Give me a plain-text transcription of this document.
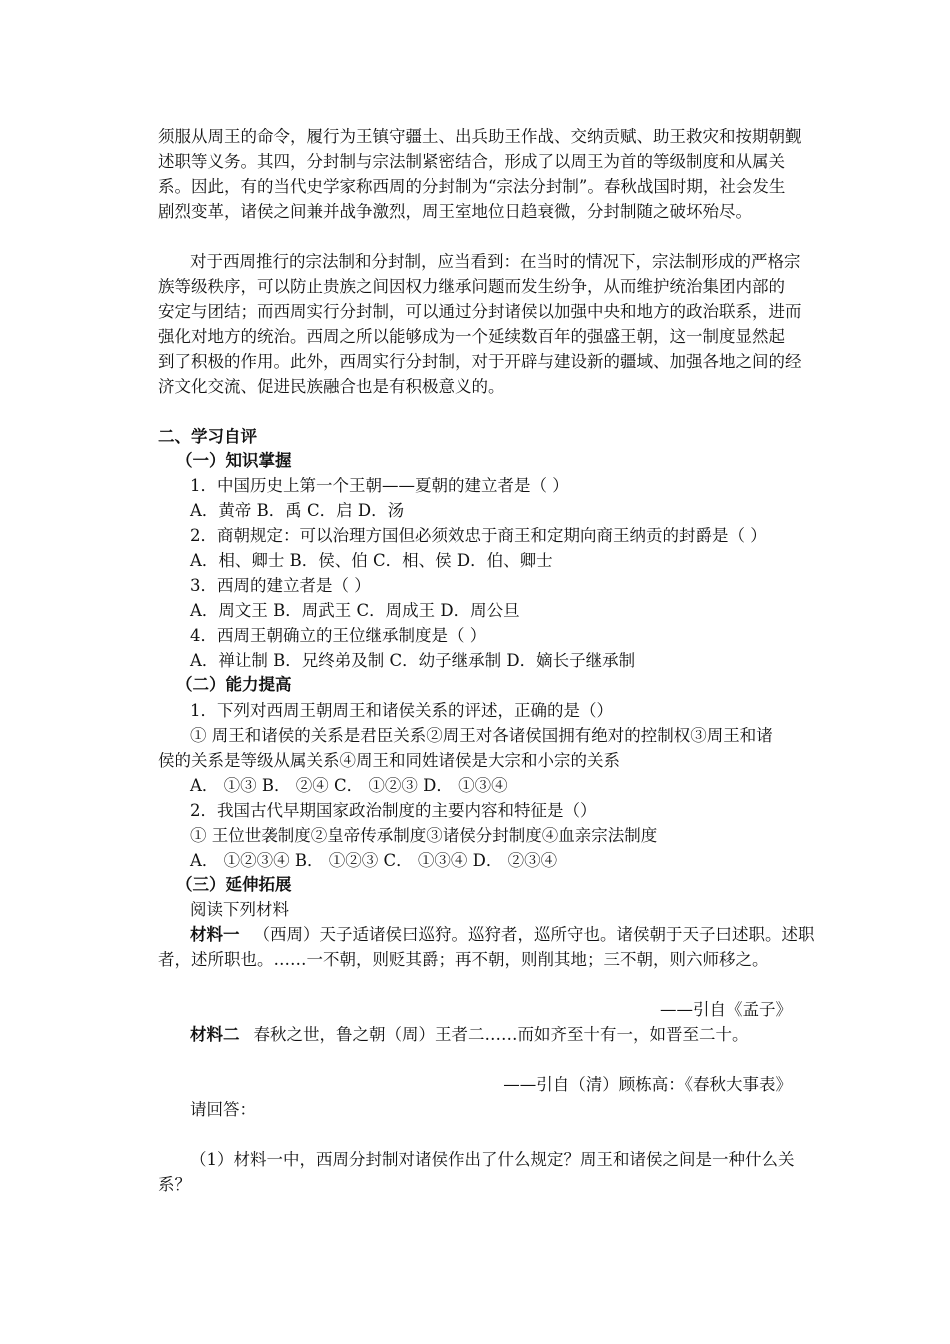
须服从周王的命令，履行为王镇守疆土、出兵助王作战、交纳贡赋、助王救灾和按期朝觐
述职等义务。其四，分封制与宗法制紧密结合，形成了以周王为首的等级制度和从属关
系。因此，有的当代史学家称西周的分封制为“宗法分封制”。春秋战国时期，社会发生
剧烈变革，诸侯之间兼并战争激烈，周王室地位日趋衰微，分封制随之破坏殆尽。
对于西周推行的宗法制和分封制，应当看到：在当时的情况下，宗法制形成的严格宗
族等级秩序，可以防止贵族之间因权力继承问题而发生纷争，从而维护统治集团内部的
安定与团结；而西周实行分封制，可以通过分封诸侯以加强中央和地方的政治联系，进而
强化对地方的统治。西周之所以能够成为一个延续数百年的强盛王朝，这一制度显然起
到了积极的作用。此外，西周实行分封制，对于开辟与建设新的疆域、加强各地之间的经
济文化交流、促进民族融合也是有积极意义的。
二、学习自评
（一）知识掌握
1．中国历史上第一个王朝——夏朝的建立者是（ ）
A．黄帝 B．禹 C．启 D．汤
2．商朝规定：可以治理方国但必须效忠于商王和定期向商王纳贡的封爵是（ ）
A．相、卿士 B．侯、伯 C．相、侯 D．伯、卿士
3．西周的建立者是（ ）
A．周文王 B．周武王 C．周成王 D．周公旦
4．西周王朝确立的王位继承制度是（ ）
A．禅让制 B．兄终弟及制 C．幼子继承制 D．嫡长子继承制
（二）能力提高
1．下列对西周王朝周王和诸侯关系的评述，正确的是（）
① 周王和诸侯的关系是君臣关系②周王对各诸侯国拥有绝对的控制权③周王和诸
侯的关系是等级从属关系④周王和同姓诸侯是大宗和小宗的关系
A． ①③ B． ②④ C． ①②③ D． ①③④
2．我国古代早期国家政治制度的主要内容和特征是（）
① 王位世袭制度②皇帝传承制度③诸侯分封制度④血亲宗法制度
A． ①②③④ B． ①②③ C． ①③④ D． ②③④
（三）延伸拓展
阅读下列材料
材料一 （西周）天子适诸侯曰巡狩。巡狩者，巡所守也。诸侯朝于天子曰述职。述职
者，述所职也。……一不朝，则贬其爵；再不朝，则削其地；三不朝，则六师移之。
——引自《孟子》
材料二 春秋之世，鲁之朝（周）王者二……而如齐至十有一，如晋至二十。
——引自（清）顾栋高：《春秋大事表》
请回答：
（1）材料一中，西周分封制对诸侯作出了什么规定？周王和诸侯之间是一种什么关
系？
